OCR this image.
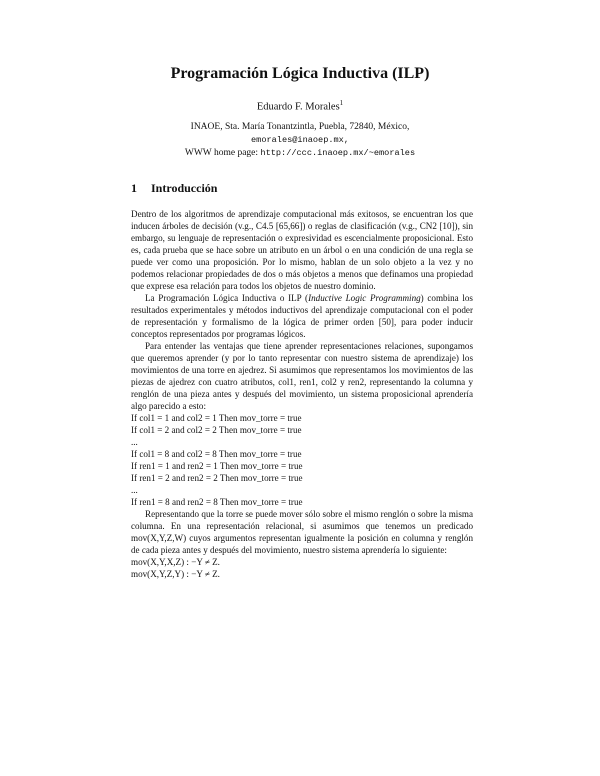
Programación Lógica Inductiva (ILP)
Eduardo F. Morales$^1$
INAOE, Sta. María Tonantzintla, Puebla, 72840, México,
emorales@inaoep.mx,
WWW home page: http://ccc.inaoep.mx/~emorales
1 Introducción

Dentro de los algoritmos de aprendizaje computacional más exitosos, se encuentran los que inducen árboles de decisión (v.g., C4.5 [65,66]) o reglas de clasificación (v.g., CN2 [10]), sin embargo, su lenguaje de representación o expresividad es escencialmente proposicional. Esto es, cada prueba que se hace sobre un atributo en un árbol o en una condición de una regla se puede ver como una proposición. Por lo mismo, hablan de un solo objeto a la vez y no podemos relacionar propiedades de dos o más objetos a menos que definamos una propiedad que exprese esa relación para todos los objetos de nuestro dominio.

La Programación Lógica Inductiva o ILP (Inductive Logic Programming) combina los resultados experimentales y métodos inductivos del aprendizaje computacional con el poder de representación y formalismo de la lógica de primer orden [50], para poder inducir conceptos representados por programas lógicos.

Para entender las ventajas que tiene aprender representaciones relaciones, supongamos que queremos aprender (y por lo tanto representar con nuestro sistema de aprendizaje) los movimientos de una torre en ajedrez. Si asumimos que representamos los movimientos de las piezas de ajedrez con cuatro atributos, col1, ren1, col2 y ren2, representando la columna y renglón de una pieza antes y después del movimiento, un sistema proposicional aprendería algo parecido a esto:

If col1 = 1 and col2 = 1 Then mov_torre = true

If col1 = 2 and col2 = 2 Then mov_torre = true

...

If col1 = 8 and col2 = 8 Then mov_torre = true

If ren1 = 1 and ren2 = 1 Then mov_torre = true

If ren1 = 2 and ren2 = 2 Then mov_torre = true

...

If ren1 = 8 and ren2 = 8 Then mov_torre = true

Representando que la torre se puede mover sólo sobre el mismo renglón o sobre la misma columna. En una representación relacional, si asumimos que tenemos un predicado mov(X,Y,Z,W) cuyos argumentos representan igualmente la posición en columna y renglón de cada pieza antes y después del movimiento, nuestro sistema aprendería lo siguiente:

mov(X,Y,X,Z) : −Y ≠ Z.

mov(X,Y,Z,Y) : −Y ≠ Z.
